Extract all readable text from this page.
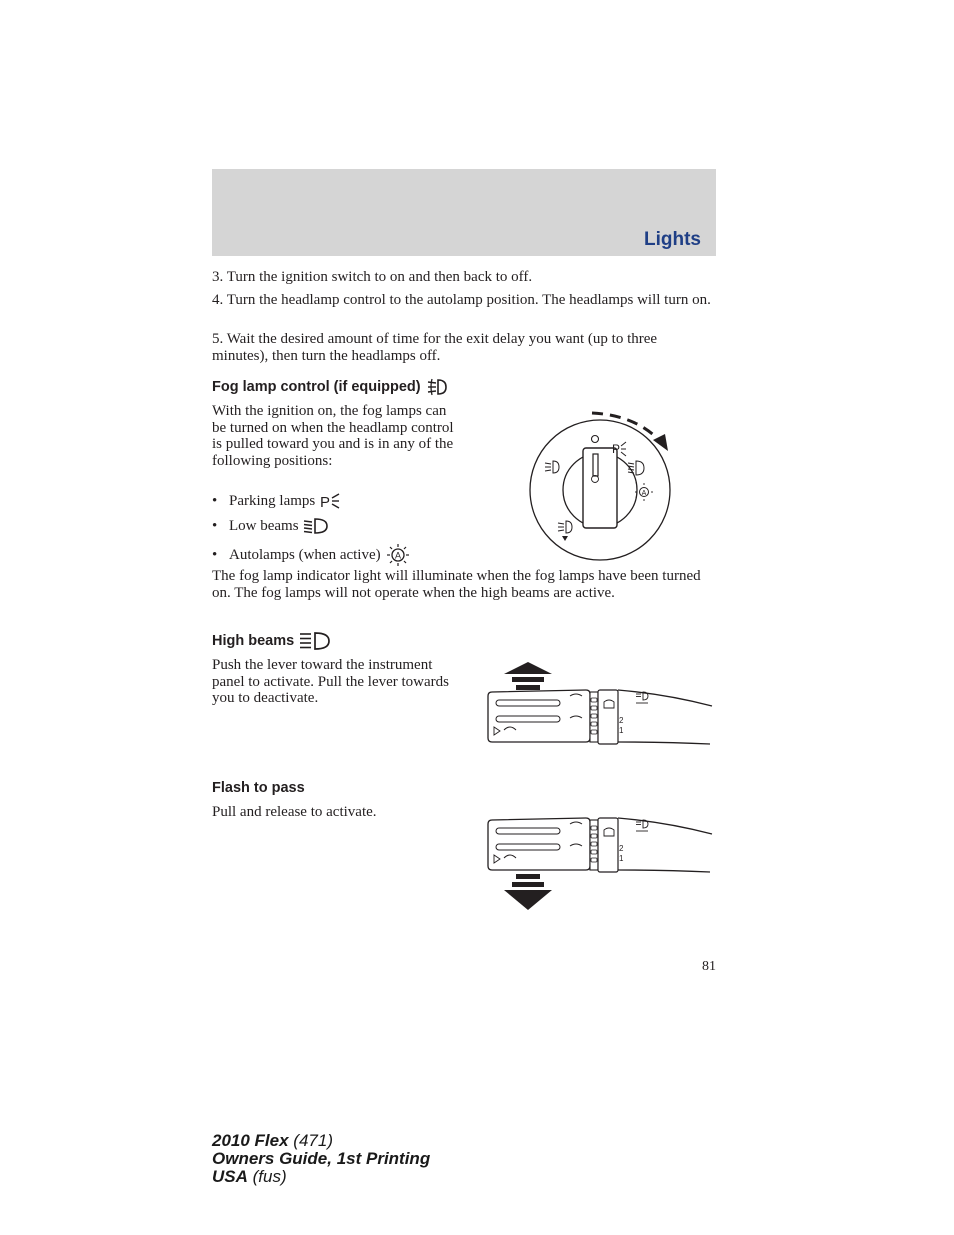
Lights
3. Turn the ignition switch to on and then back to off.
4. Turn the headlamp control to the autolamp position. The headlamps will turn on.
5. Wait the desired amount of time for the exit delay you want (up to three minutes), then turn the headlamps off.
Fog lamp control (if equipped)
With the ignition on, the fog lamps can be turned on when the headlamp control is pulled toward you and is in any of the following positions:
• Parking lamps P
• Low beams
• Autolamps (when active) A
P
A
The fog lamp indicator light will illuminate when the fog lamps have been turned on. The fog lamps will not operate when the high beams are active.
High beams
Push the lever toward the instrument panel to activate. Pull the lever towards you to deactivate.
2
1
Flash to pass
Pull and release to activate.
2
1
81
2010 Flex (471)
Owners Guide, 1st Printing
USA (fus)
